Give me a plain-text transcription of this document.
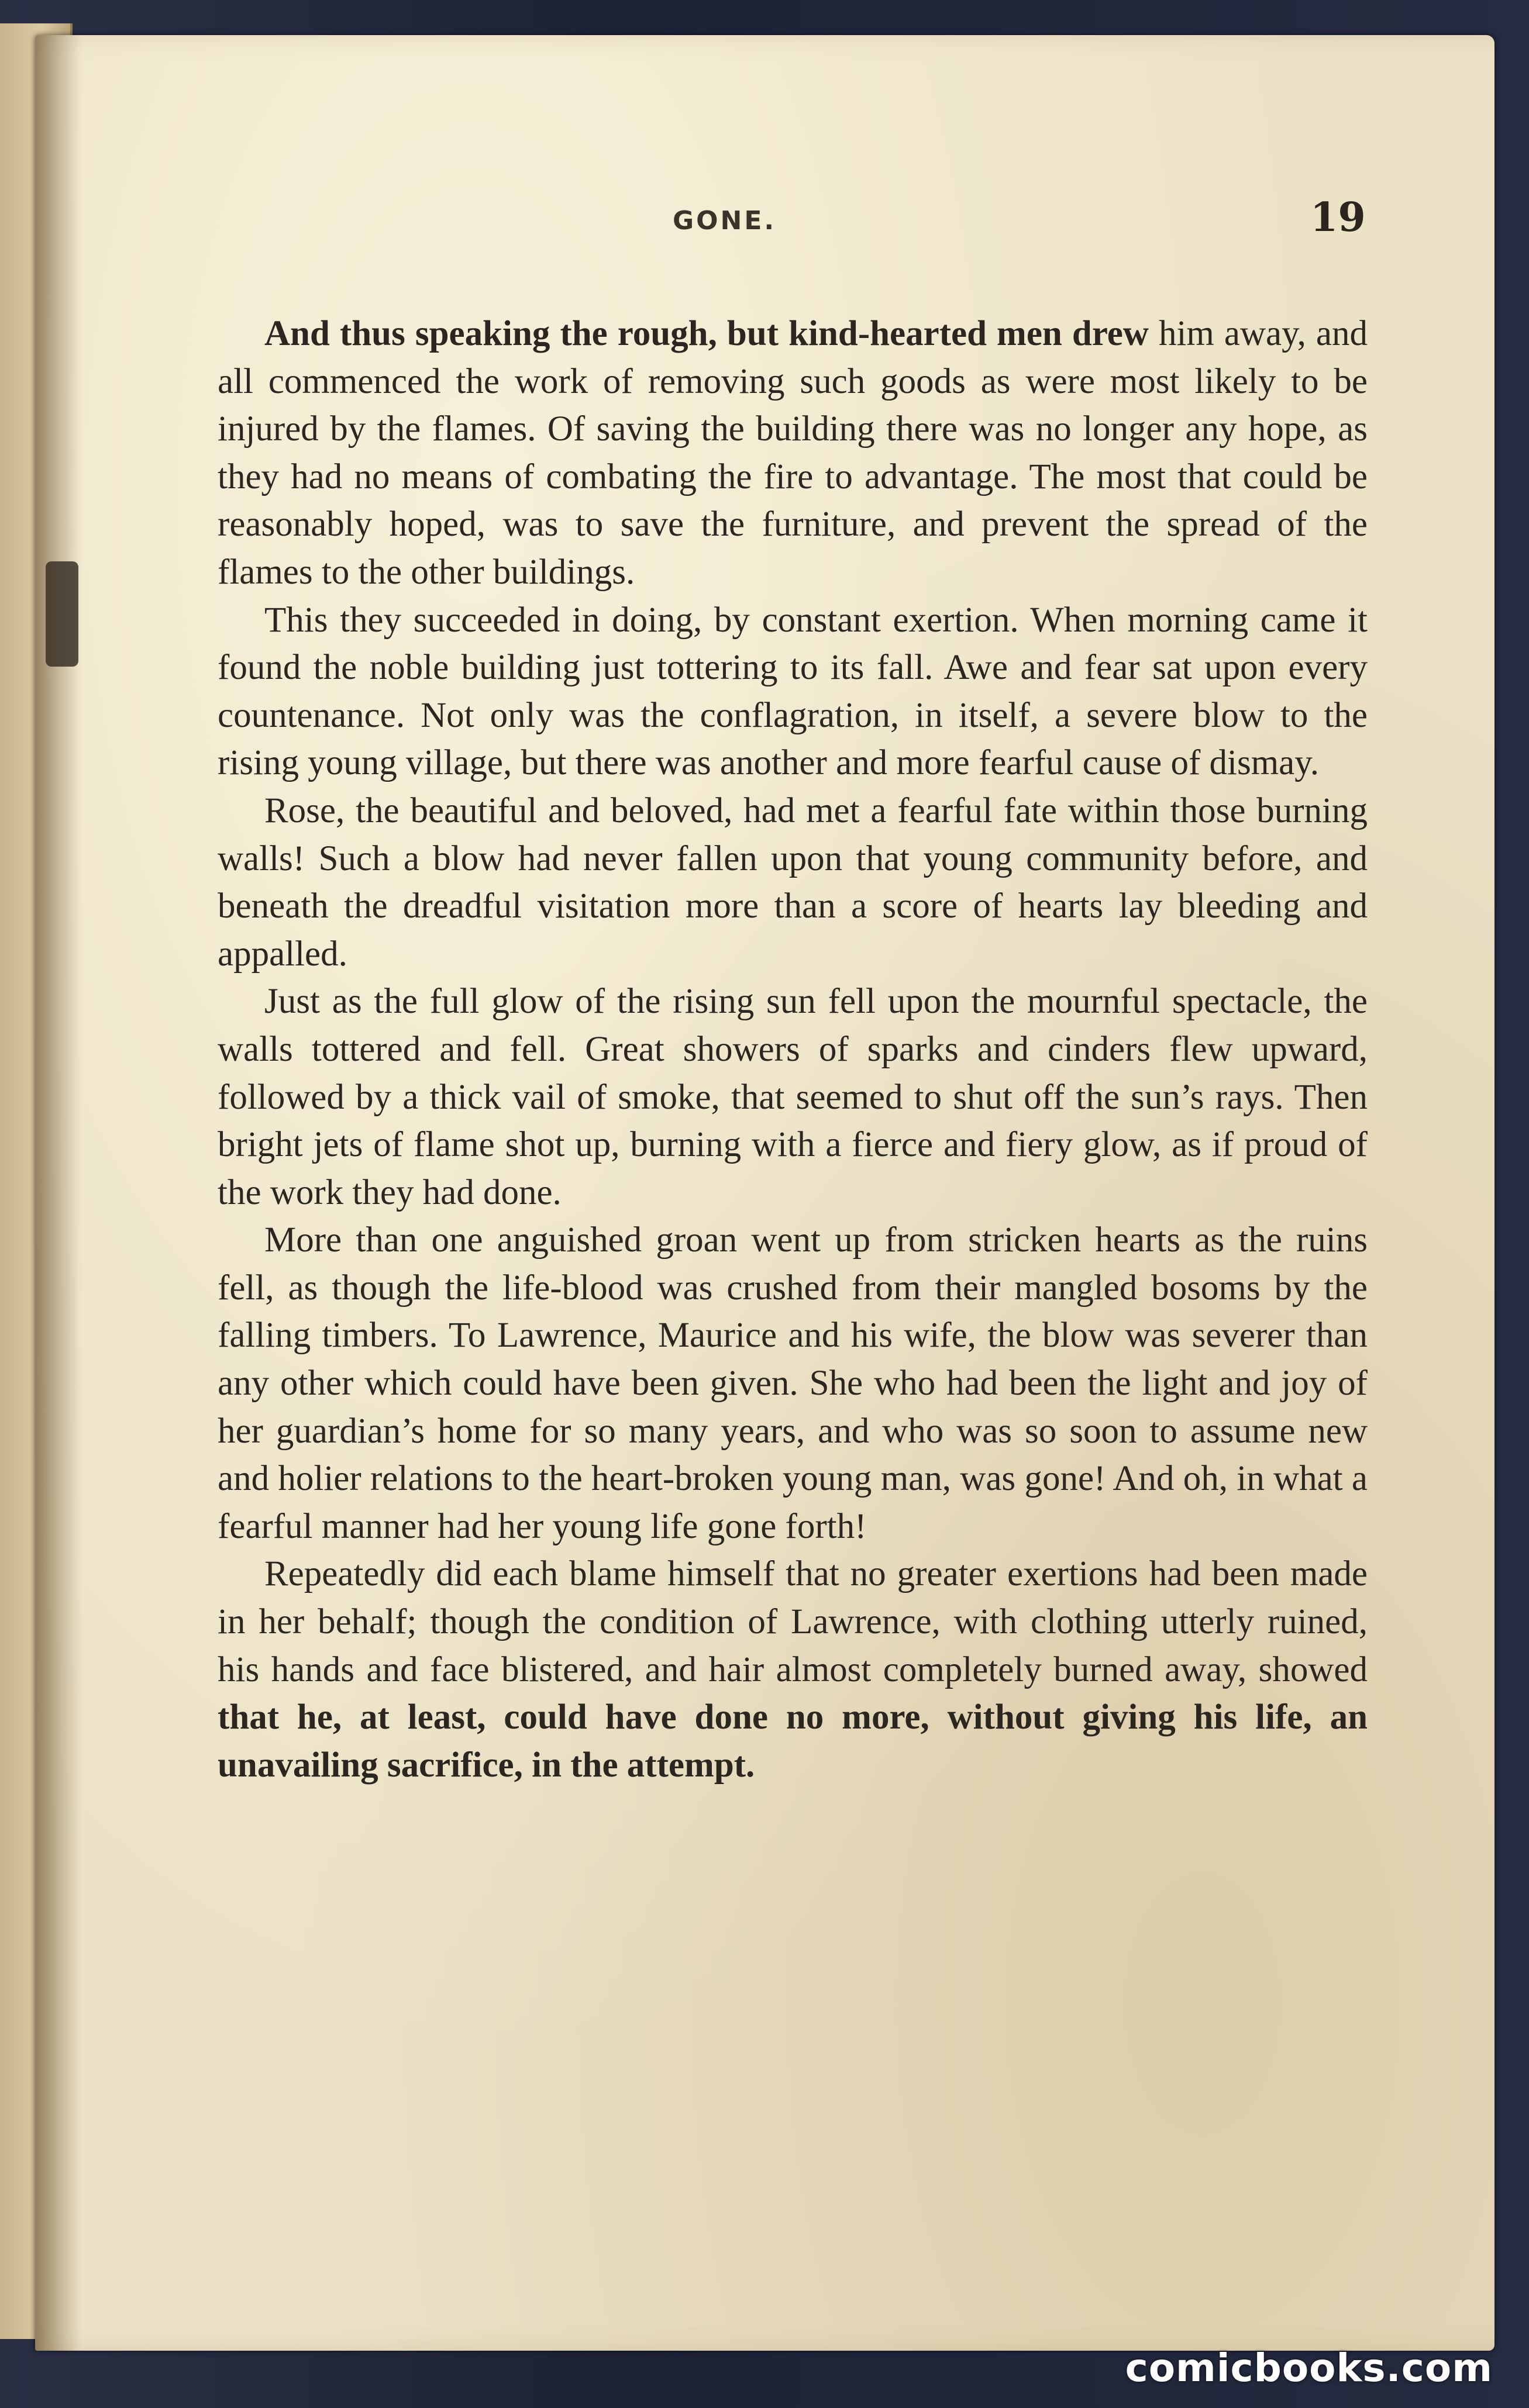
GONE.	19

And thus speaking the rough, but kind-hearted men drew him away, and all commenced the work of removing such goods as were most likely to be injured by the flames. Of saving the building there was no longer any hope, as they had no means of combating the fire to advantage. The most that could be reasonably hoped, was to save the furniture, and prevent the spread of the flames to the other buildings.

This they succeeded in doing, by constant exertion. When morning came it found the noble building just tottering to its fall. Awe and fear sat upon every countenance. Not only was the conflagration, in itself, a severe blow to the rising young village, but there was another and more fearful cause of dismay.

Rose, the beautiful and beloved, had met a fearful fate within those burning walls! Such a blow had never fallen upon that young community before, and beneath the dreadful visitation more than a score of hearts lay bleeding and appalled.

Just as the full glow of the rising sun fell upon the mournful spectacle, the walls tottered and fell. Great showers of sparks and cinders flew upward, followed by a thick vail of smoke, that seemed to shut off the sun’s rays. Then bright jets of flame shot up, burning with a fierce and fiery glow, as if proud of the work they had done.

More than one anguished groan went up from stricken hearts as the ruins fell, as though the life-blood was crushed from their mangled bosoms by the falling timbers. To Lawrence, Maurice and his wife, the blow was severer than any other which could have been given. She who had been the light and joy of her guardian’s home for so many years, and who was so soon to assume new and holier relations to the heart-broken young man, was gone! And oh, in what a fearful manner had her young life gone forth!

Repeatedly did each blame himself that no greater exertions had been made in her behalf; though the condition of Lawrence, with clothing utterly ruined, his hands and face blistered, and hair almost completely burned away, showed that he, at least, could have done no more, without giving his life, an unavailing sacrifice, in the attempt.

comicbooks.com
